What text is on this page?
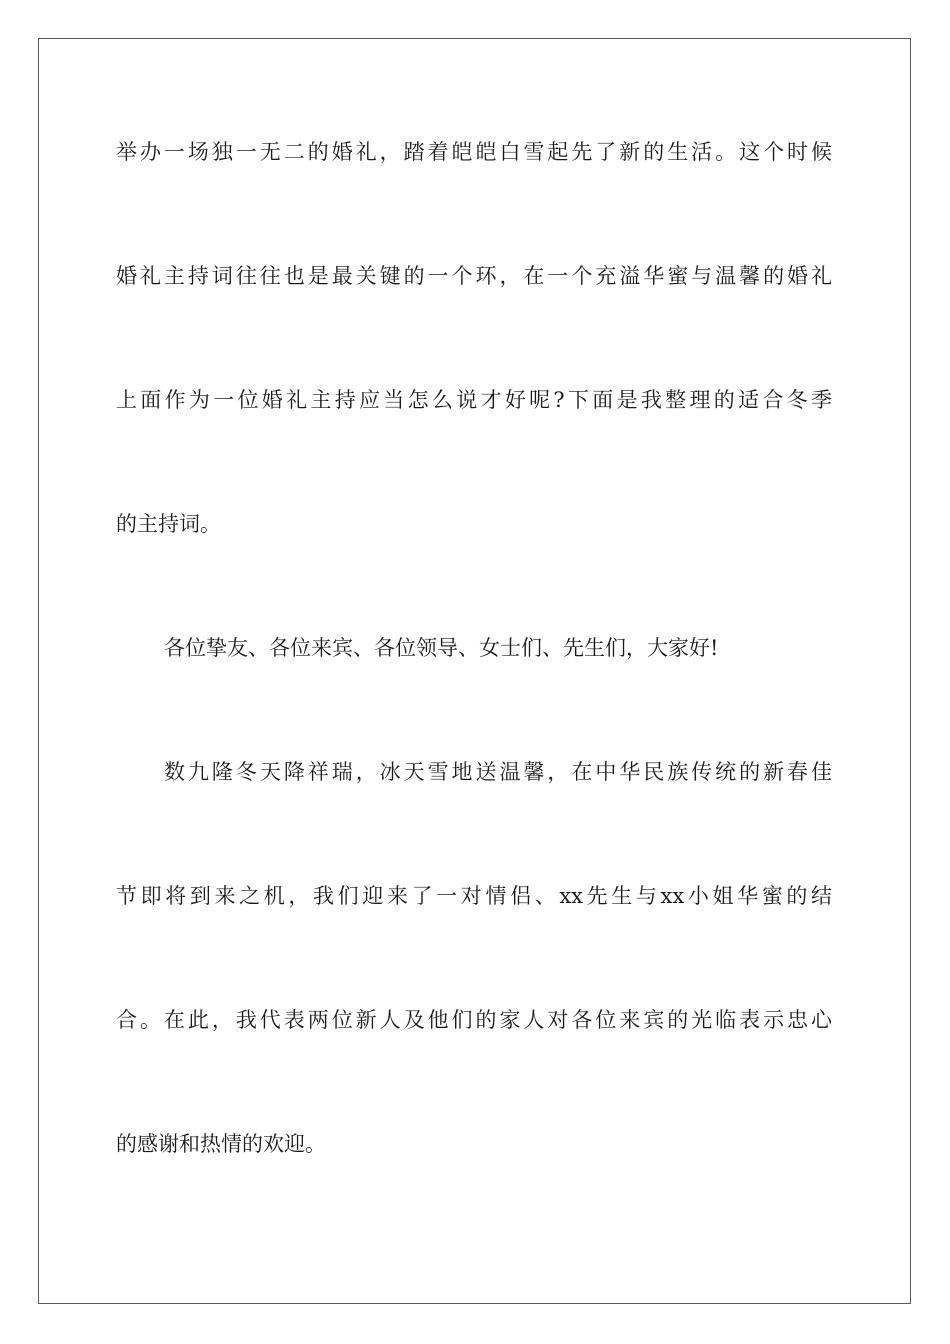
举办一场独一无二的婚礼，踏着皑皑白雪起先了新的生活。这个时候
婚礼主持词往往也是最关键的一个环，在一个充溢华蜜与温馨的婚礼
上面作为一位婚礼主持应当怎么说才好呢?下面是我整理的适合冬季
的主持词。
各位挚友、各位来宾、各位领导、女士们、先生们，大家好!
数九隆冬天降祥瑞，冰天雪地送温馨，在中华民族传统的新春佳
节即将到来之机，我们迎来了一对情侣、xx先生与xx小姐华蜜的结
合。在此，我代表两位新人及他们的家人对各位来宾的光临表示忠心
的感谢和热情的欢迎。
